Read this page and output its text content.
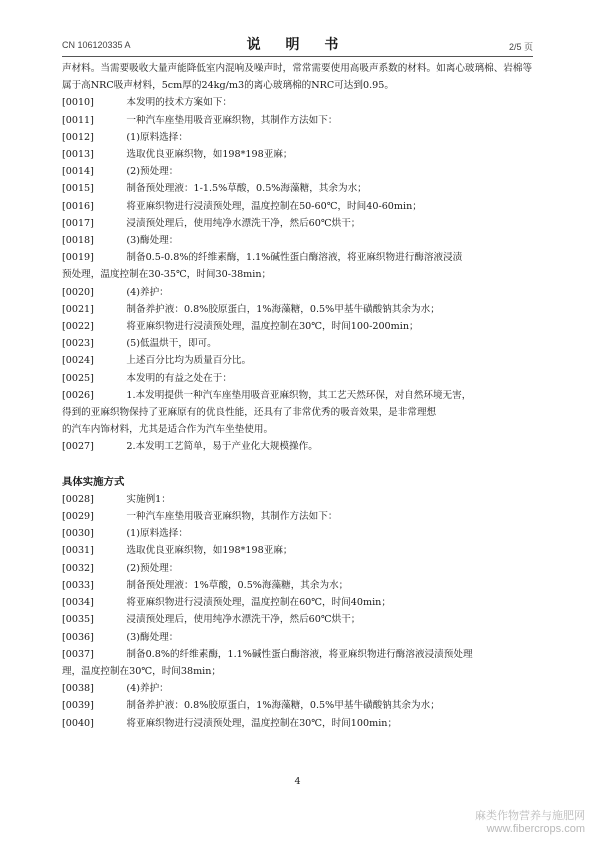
CN 106120335 A	说 明 书	2/5 页
声材料。当需要吸收大量声能降低室内混响及噪声时，常常需要使用高吸声系数的材料。如离心玻璃棉、岩棉等属于高NRC吸声材料，5cm厚的24kg/m3的离心玻璃棉的NRC可达到0.95。
[0010]	本发明的技术方案如下：
[0011]	一种汽车座垫用吸音亚麻织物，其制作方法如下：
[0012]	(1)原料选择：
[0013]	选取优良亚麻织物，如198*198亚麻；
[0014]	(2)预处理：
[0015]	制备预处理液：1-1.5%草酸，0.5%海藻糖，其余为水；
[0016]	将亚麻织物进行浸渍预处理，温度控制在50-60℃，时间40-60min；
[0017]	浸渍预处理后，使用纯净水漂洗干净，然后60℃烘干；
[0018]	(3)酶处理：
[0019]	制备0.5-0.8%的纤维素酶，1.1%碱性蛋白酶溶液，将亚麻织物进行酶溶液浸渍
预处理，温度控制在30-35℃，时间30-38min；
[0020]	(4)养护：
[0021]	制备养护液：0.8%胶原蛋白，1%海藻糖，0.5%甲基牛磺酸钠其余为水；
[0022]	将亚麻织物进行浸渍预处理，温度控制在30℃，时间100-200min；
[0023]	(5)低温烘干，即可。
[0024]	上述百分比均为质量百分比。
[0025]	本发明的有益之处在于：
[0026]	1.本发明提供一种汽车座垫用吸音亚麻织物，其工艺天然环保，对自然环境无害，
得到的亚麻织物保持了亚麻原有的优良性能，还具有了非常优秀的吸音效果，是非常理想
的汽车内饰材料，尤其是适合作为汽车坐垫使用。
[0027]	2.本发明工艺简单，易于产业化大规模操作。
具体实施方式
[0028]	实施例1：
[0029]	一种汽车座垫用吸音亚麻织物，其制作方法如下：
[0030]	(1)原料选择：
[0031]	选取优良亚麻织物，如198*198亚麻；
[0032]	(2)预处理：
[0033]	制备预处理液：1%草酸，0.5%海藻糖，其余为水；
[0034]	将亚麻织物进行浸渍预处理，温度控制在60℃，时间40min；
[0035]	浸渍预处理后，使用纯净水漂洗干净，然后60℃烘干；
[0036]	(3)酶处理：
[0037]	制备0.8%的纤维素酶，1.1%碱性蛋白酶溶液，将亚麻织物进行酶溶液浸渍预处理
理，温度控制在30℃，时间38min；
[0038]	(4)养护：
[0039]	制备养护液：0.8%胶原蛋白，1%海藻糖，0.5%甲基牛磺酸钠其余为水；
[0040]	将亚麻织物进行浸渍预处理，温度控制在30℃，时间100min；
4
麻类作物营养与施肥网
www.fibercrops.com
